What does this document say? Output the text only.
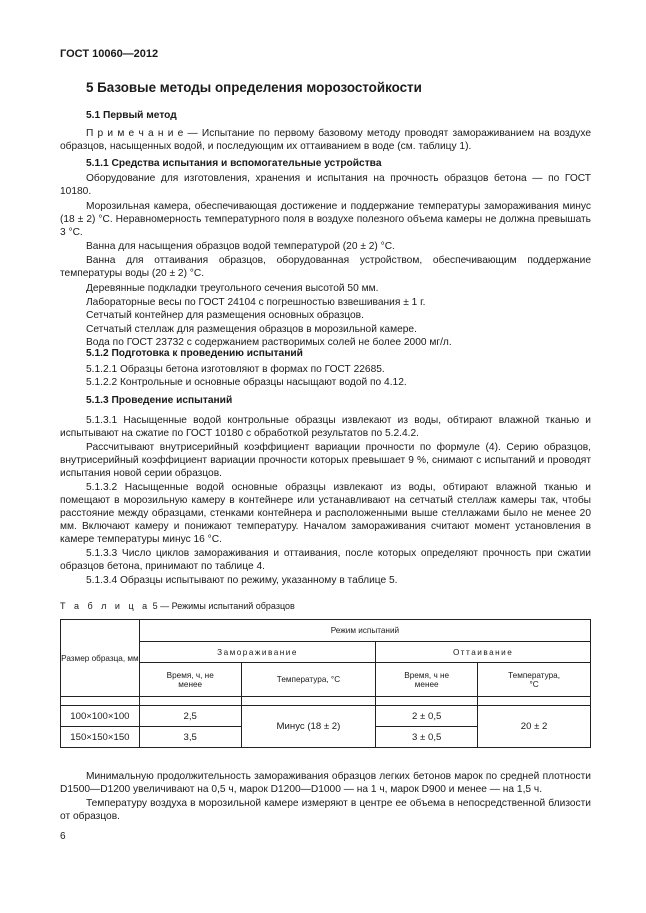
ГОСТ 10060—2012
5 Базовые методы определения морозостойкости
5.1 Первый метод

П р и м е ч а н и е — Испытание по первому базовому методу проводят замораживанием на воздухе образцов, насыщенных водой, и последующим их оттаиванием в воде (см. таблицу 1).

5.1.1 Средства испытания и вспомогательные устройства

Оборудование для изготовления, хранения и испытания на прочность образцов бетона — по ГОСТ 10180.

Морозильная камера, обеспечивающая достижение и поддержание температуры замораживания минус (18 ± 2) °С. Неравномерность температурного поля в воздухе полезного объема камеры не должна превышать 3 °С.

Ванна для насыщения образцов водой температурой (20 ± 2) °С.

Ванна для оттаивания образцов, оборудованная устройством, обеспечивающим поддержание температуры воды (20 ± 2) °С.

Деревянные подкладки треугольного сечения высотой 50 мм.

Лабораторные весы по ГОСТ 24104 с погрешностью взвешивания ± 1 г.

Сетчатый контейнер для размещения основных образцов.

Сетчатый стеллаж для размещения образцов в морозильной камере.

Вода по ГОСТ 23732 с содержанием растворимых солей не более 2000 мг/л.

5.1.2 Подготовка к проведению испытаний

5.1.2.1 Образцы бетона изготовляют в формах по ГОСТ 22685.

5.1.2.2 Контрольные и основные образцы насыщают водой по 4.12.

5.1.3 Проведение испытаний

5.1.3.1 Насыщенные водой контрольные образцы извлекают из воды, обтирают влажной тканью и испытывают на сжатие по ГОСТ 10180 с обработкой результатов по 5.2.4.2.

Рассчитывают внутрисерийный коэффициент вариации прочности по формуле (4). Серию образцов, внутрисерийный коэффициент вариации прочности которых превышает 9 %, снимают с испытаний и проводят испытания новой серии образцов.

5.1.3.2 Насыщенные водой основные образцы извлекают из воды, обтирают влажной тканью и помещают в морозильную камеру в контейнере или устанавливают на сетчатый стеллаж камеры так, чтобы расстояние между образцами, стенками контейнера и расположенными выше стеллажами было не менее 20 мм. Включают камеру и понижают температуру. Началом замораживания считают момент установления в камере температуры минус 16 °С.

5.1.3.3 Число циклов замораживания и оттаивания, после которых определяют прочность при сжатии образцов бетона, принимают по таблице 4.

5.1.3.4 Образцы испытывают по режиму, указанному в таблице 5.

Т а б л и ц а 5 — Режимы испытаний образцов
Размер образца, мм	Режим испытаний			
	Замораживание		Оттаивание	
	Время, ч, не менее	Температура, °С	Время, ч не менее	Температура, °С

100×100×100	2,5	Минус (18 ± 2)	2 ± 0,5	20 ± 2
150×150×150	3,5		3 ± 0,5	

Минимальную продолжительность замораживания образцов легких бетонов марок по средней плотности D1500—D1200 увеличивают на 0,5 ч, марок D1200—D1000 — на 1 ч, марок D900 и менее — на 1,5 ч.

Температуру воздуха в морозильной камере измеряют в центре ее объема в непосредственной близости от образцов.

6
